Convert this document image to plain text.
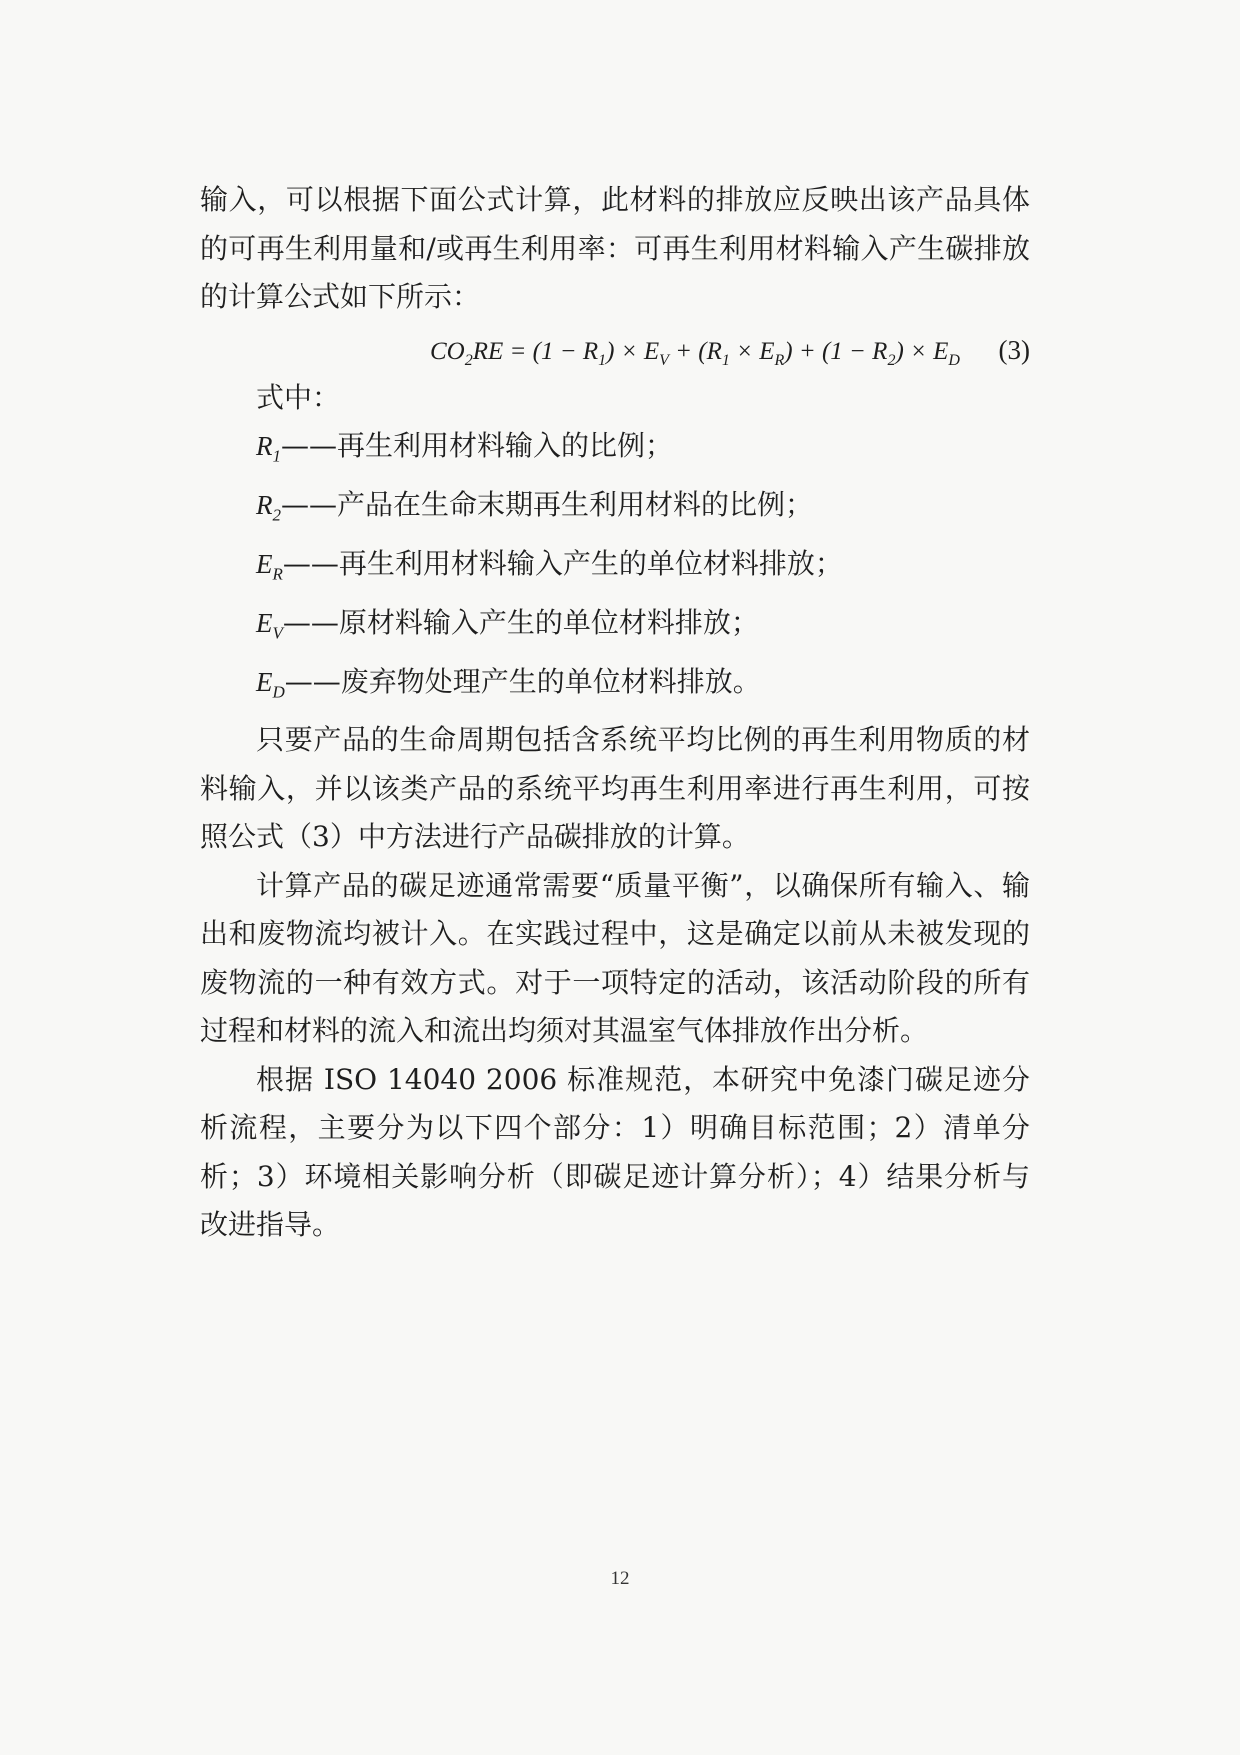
输入，可以根据下面公式计算，此材料的排放应反映出该产品具体的可再生利用量和/或再生利用率：可再生利用材料输入产生碳排放的计算公式如下所示：

$CO_2RE = (1 - R_1) \times E_V + (R_1 \times E_R) + (1 - R_2) \times E_D$ (3)

式中：

$R_1——$再生利用材料输入的比例；

$R_2——$产品在生命末期再生利用材料的比例；

$E_R——$再生利用材料输入产生的单位材料排放；

$E_V——$原材料输入产生的单位材料排放；

$E_D——$废弃物处理产生的单位材料排放。

只要产品的生命周期包括含系统平均比例的再生利用物质的材料输入，并以该类产品的系统平均再生利用率进行再生利用，可按照公式（3）中方法进行产品碳排放的计算。

计算产品的碳足迹通常需要“质量平衡”，以确保所有输入、输出和废物流均被计入。在实践过程中，这是确定以前从未被发现的废物流的一种有效方式。对于一项特定的活动，该活动阶段的所有过程和材料的流入和流出均须对其温室气体排放作出分析。

根据 ISO 14040 2006 标准规范，本研究中免漆门碳足迹分析流程，主要分为以下四个部分：1）明确目标范围；2）清单分析；3）环境相关影响分析（即碳足迹计算分析）；4）结果分析与改进指导。

12
